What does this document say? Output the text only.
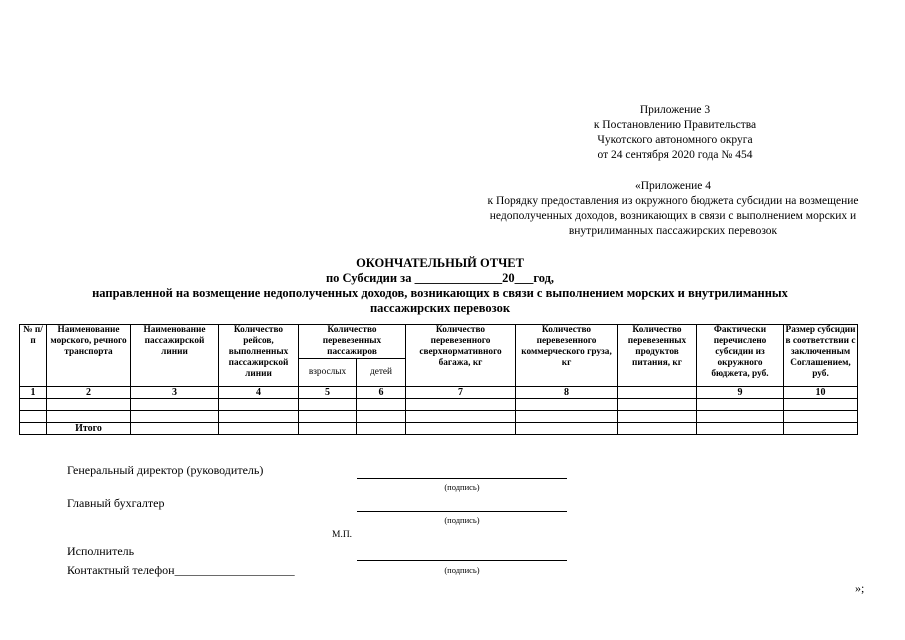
Приложение 3
к Постановлению Правительства
Чукотского автономного округа
от 24 сентября 2020 года № 454
«Приложение 4
к Порядку предоставления из окружного бюджета субсидии на возмещение
недополученных доходов, возникающих в связи с выполнением морских и
внутрилиманных пассажирских перевозок
ОКОНЧАТЕЛЬНЫЙ ОТЧЕТ
по Субсидии за ______________20___год,
направленной на возмещение недополученных доходов, возникающих в связи с выполнением морских и внутрилиманных пассажирских перевозок
№ п/п	Наименование морского, речного транспорта	Наименование пассажирской линии	Количество рейсов, выполненных пассажирской линии	Количество перевезенных пассажиров		Количество перевезенного сверхнормативного багажа, кг	Количество перевезенного коммерческого груза, кг	Количество перевезенных продуктов питания, кг	Фактически перечислено субсидии из окружного бюджета, руб.	Размер субсидии в соответствии с заключенным Соглашением, руб.
				взрослых	детей					
1	2	3	4	5	6	7	8		9	10

	Итого									
Генеральный директор (руководитель)
(подпись)
Главный бухгалтер
(подпись)
М.П.
Исполнитель
(подпись)
Контактный телефон____________________
»;
